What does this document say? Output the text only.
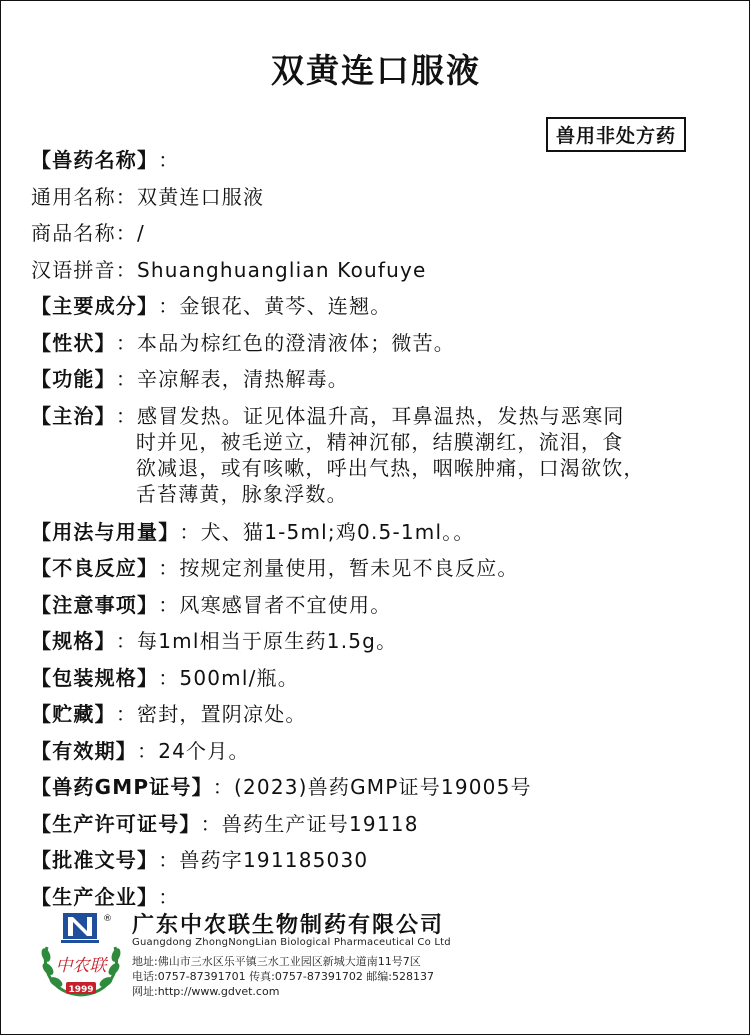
双黄连口服液
兽用非处方药
【兽药名称】 ：
通用名称：双黄连口服液
商品名称：/
汉语拼音：Shuanghuanglian Koufuye
【主要成分】 ：金银花、黄芩、连翘。
【性状】 ：本品为棕红色的澄清液体；微苦。
【功能】 ：辛凉解表，清热解毒。
【主治】 ：感冒发热。证见体温升高，耳鼻温热，发热与恶寒同
时并见，被毛逆立，精神沉郁，结膜潮红，流泪，食
欲减退，或有咳嗽，呼出气热，咽喉肿痛，口渴欲饮，
舌苔薄黄，脉象浮数。
【用法与用量】 ：犬、猫1-5ml;鸡0.5-1ml。。
【不良反应】 ：按规定剂量使用，暂未见不良反应。
【注意事项】 ：风寒感冒者不宜使用。
【规格】 ：每1ml相当于原生药1.5g。
【包装规格】 ：500ml/瓶。
【贮藏】 ：密封，置阴凉处。
【有效期】 ：24个月。
【兽药GMP证号】 ：(2023)兽药GMP证号19005号
【生产许可证号】 ：兽药生产证号19118
【批准文号】 ：兽药字191185030
【生产企业】 ：
®
中农联
1999
广东中农联生物制药有限公司
Guangdong ZhongNongLian Biological Pharmaceutical Co Ltd
地址:佛山市三水区乐平镇三水工业园区新城大道南11号7区
电话:0757-87391701 传真:0757-87391702 邮编:528137
网址:http://www.gdvet.com
